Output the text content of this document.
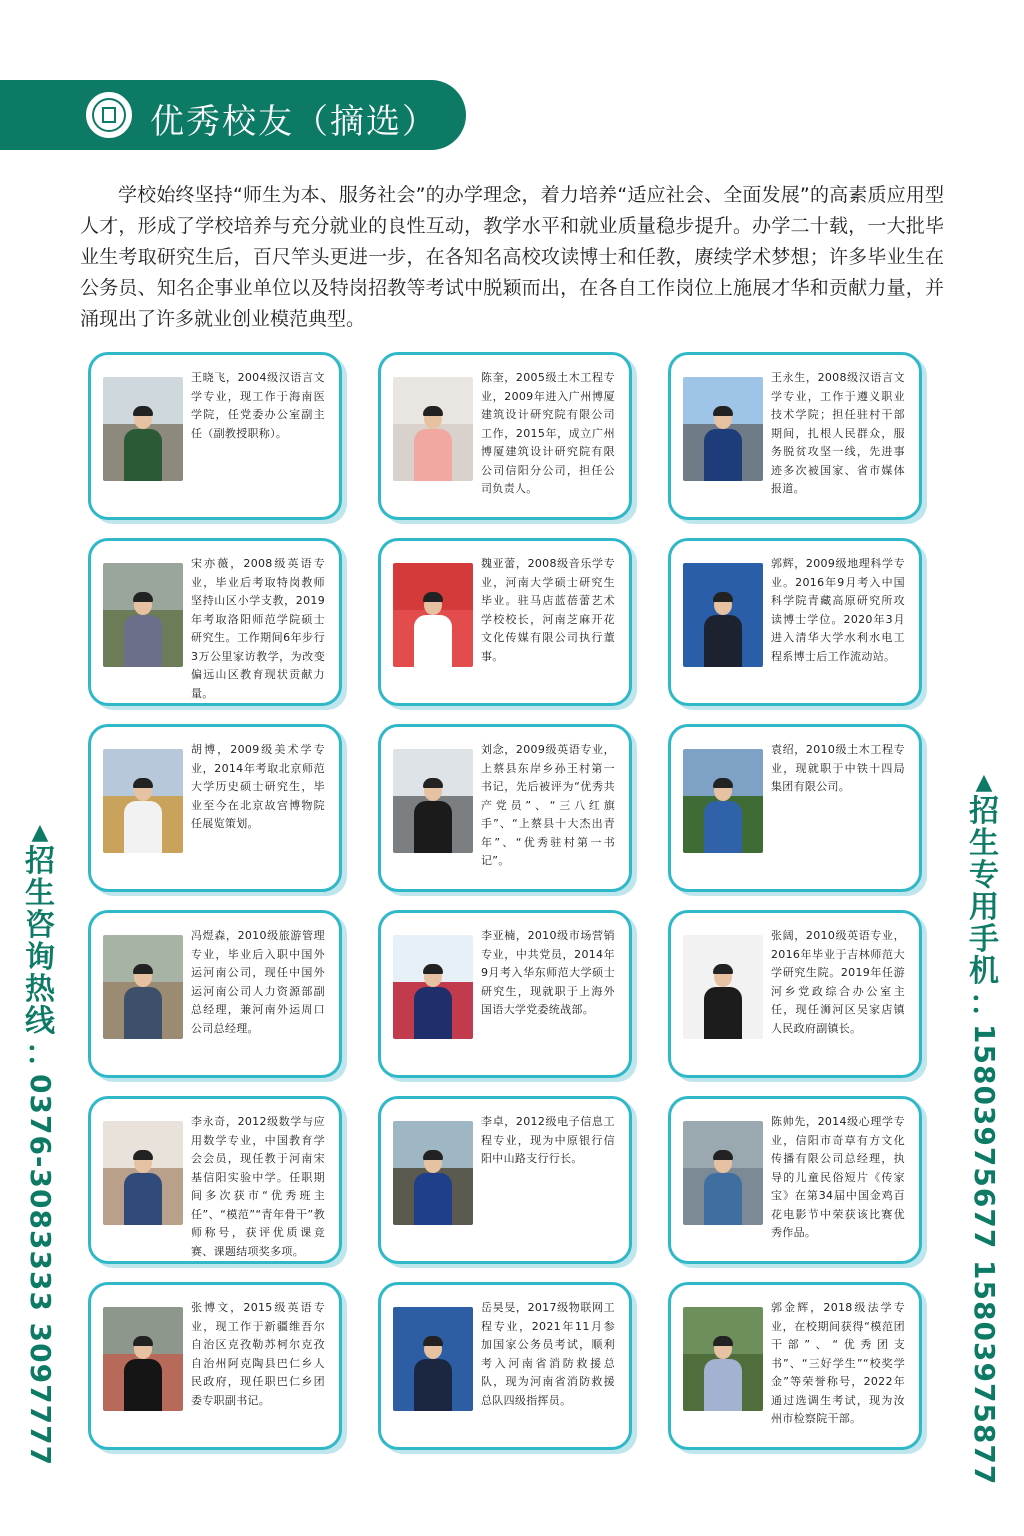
优秀校友（摘选）
学校始终坚持“师生为本、服务社会”的办学理念，着力培养“适应社会、全面发展”的高素质应用型人才，形成了学校培养与充分就业的良性互动，教学水平和就业质量稳步提升。办学二十载，一大批毕业生考取研究生后，百尺竿头更进一步，在各知名高校攻读博士和任教，赓续学术梦想；许多毕业生在公务员、知名企事业单位以及特岗招教等考试中脱颖而出，在各自工作岗位上施展才华和贡献力量，并涌现出了许多就业创业模范典型。
王晓飞，2004级汉语言文学专业，现工作于海南医学院，任党委办公室副主任（副教授职称）。
陈奎，2005级土木工程专业，2009年进入广州博厦建筑设计研究院有限公司工作，2015年，成立广州博厦建筑设计研究院有限公司信阳分公司，担任公司负责人。
王永生，2008级汉语言文学专业，工作于遵义职业技术学院；担任驻村干部期间，扎根人民群众，服务脱贫攻坚一线，先进事迹多次被国家、省市媒体报道。
宋亦薇，2008级英语专业，毕业后考取特岗教师坚持山区小学支教，2019年考取洛阳师范学院硕士研究生。工作期间6年步行3万公里家访教学，为改变偏远山区教育现状贡献力量。
魏亚蕾，2008级音乐学专业，河南大学硕士研究生毕业。驻马店蓝蓓蕾艺术学校校长，河南芝麻开花文化传媒有限公司执行董事。
郭辉，2009级地理科学专业。2016年9月考入中国科学院青藏高原研究所攻读博士学位。2020年3月进入清华大学水利水电工程系博士后工作流动站。
胡博，2009级美术学专业，2014年考取北京师范大学历史硕士研究生，毕业至今在北京故宫博物院任展览策划。
刘念，2009级英语专业，上蔡县东岸乡孙王村第一书记，先后被评为“优秀共产党员”、“三八红旗手”、“上蔡县十大杰出青年”、“优秀驻村第一书记”。
袁绍，2010级土木工程专业，现就职于中铁十四局集团有限公司。
冯煜森，2010级旅游管理专业，毕业后入职中国外运河南公司，现任中国外运河南公司人力资源部副总经理，兼河南外运周口公司总经理。
李亚楠，2010级市场营销专业，中共党员，2014年9月考入华东师范大学硕士研究生，现就职于上海外国语大学党委统战部。
张阔，2010级英语专业，2016年毕业于吉林师范大学研究生院。2019年任游河乡党政综合办公室主任，现任浉河区吴家店镇人民政府副镇长。
李永奇，2012级数学与应用数学专业，中国教育学会会员，现任教于河南宋基信阳实验中学。任职期间多次获市“优秀班主任”、“模范”“青年骨干”教师称号，获评优质课竞赛、课题结项奖多项。
李卓，2012级电子信息工程专业，现为中原银行信阳中山路支行行长。
陈帅先，2014级心理学专业，信阳市奇草有方文化传播有限公司总经理，执导的儿童民俗短片《传家宝》在第34届中国金鸡百花电影节中荣获该比赛优秀作品。
张博文，2015级英语专业，现工作于新疆维吾尔自治区克孜勒苏柯尔克孜自治州阿克陶县巴仁乡人民政府，现任职巴仁乡团委专职副书记。
岳昊旻，2017级物联网工程专业，2021年11月参加国家公务员考试，顺利考入河南省消防救援总队，现为河南省消防救援总队四级指挥员。
郭金辉，2018级法学专业，在校期间获得“模范团干部”、“优秀团支书”、“三好学生”“校奖学金”等荣誉称号，2022年通过选调生考试，现为汝州市检察院干部。
▲
招
生
咨
询
热
线
：
0376-3083333 3097777
▲
招
生
专
用
手
机
：
15803975677 15803975877
